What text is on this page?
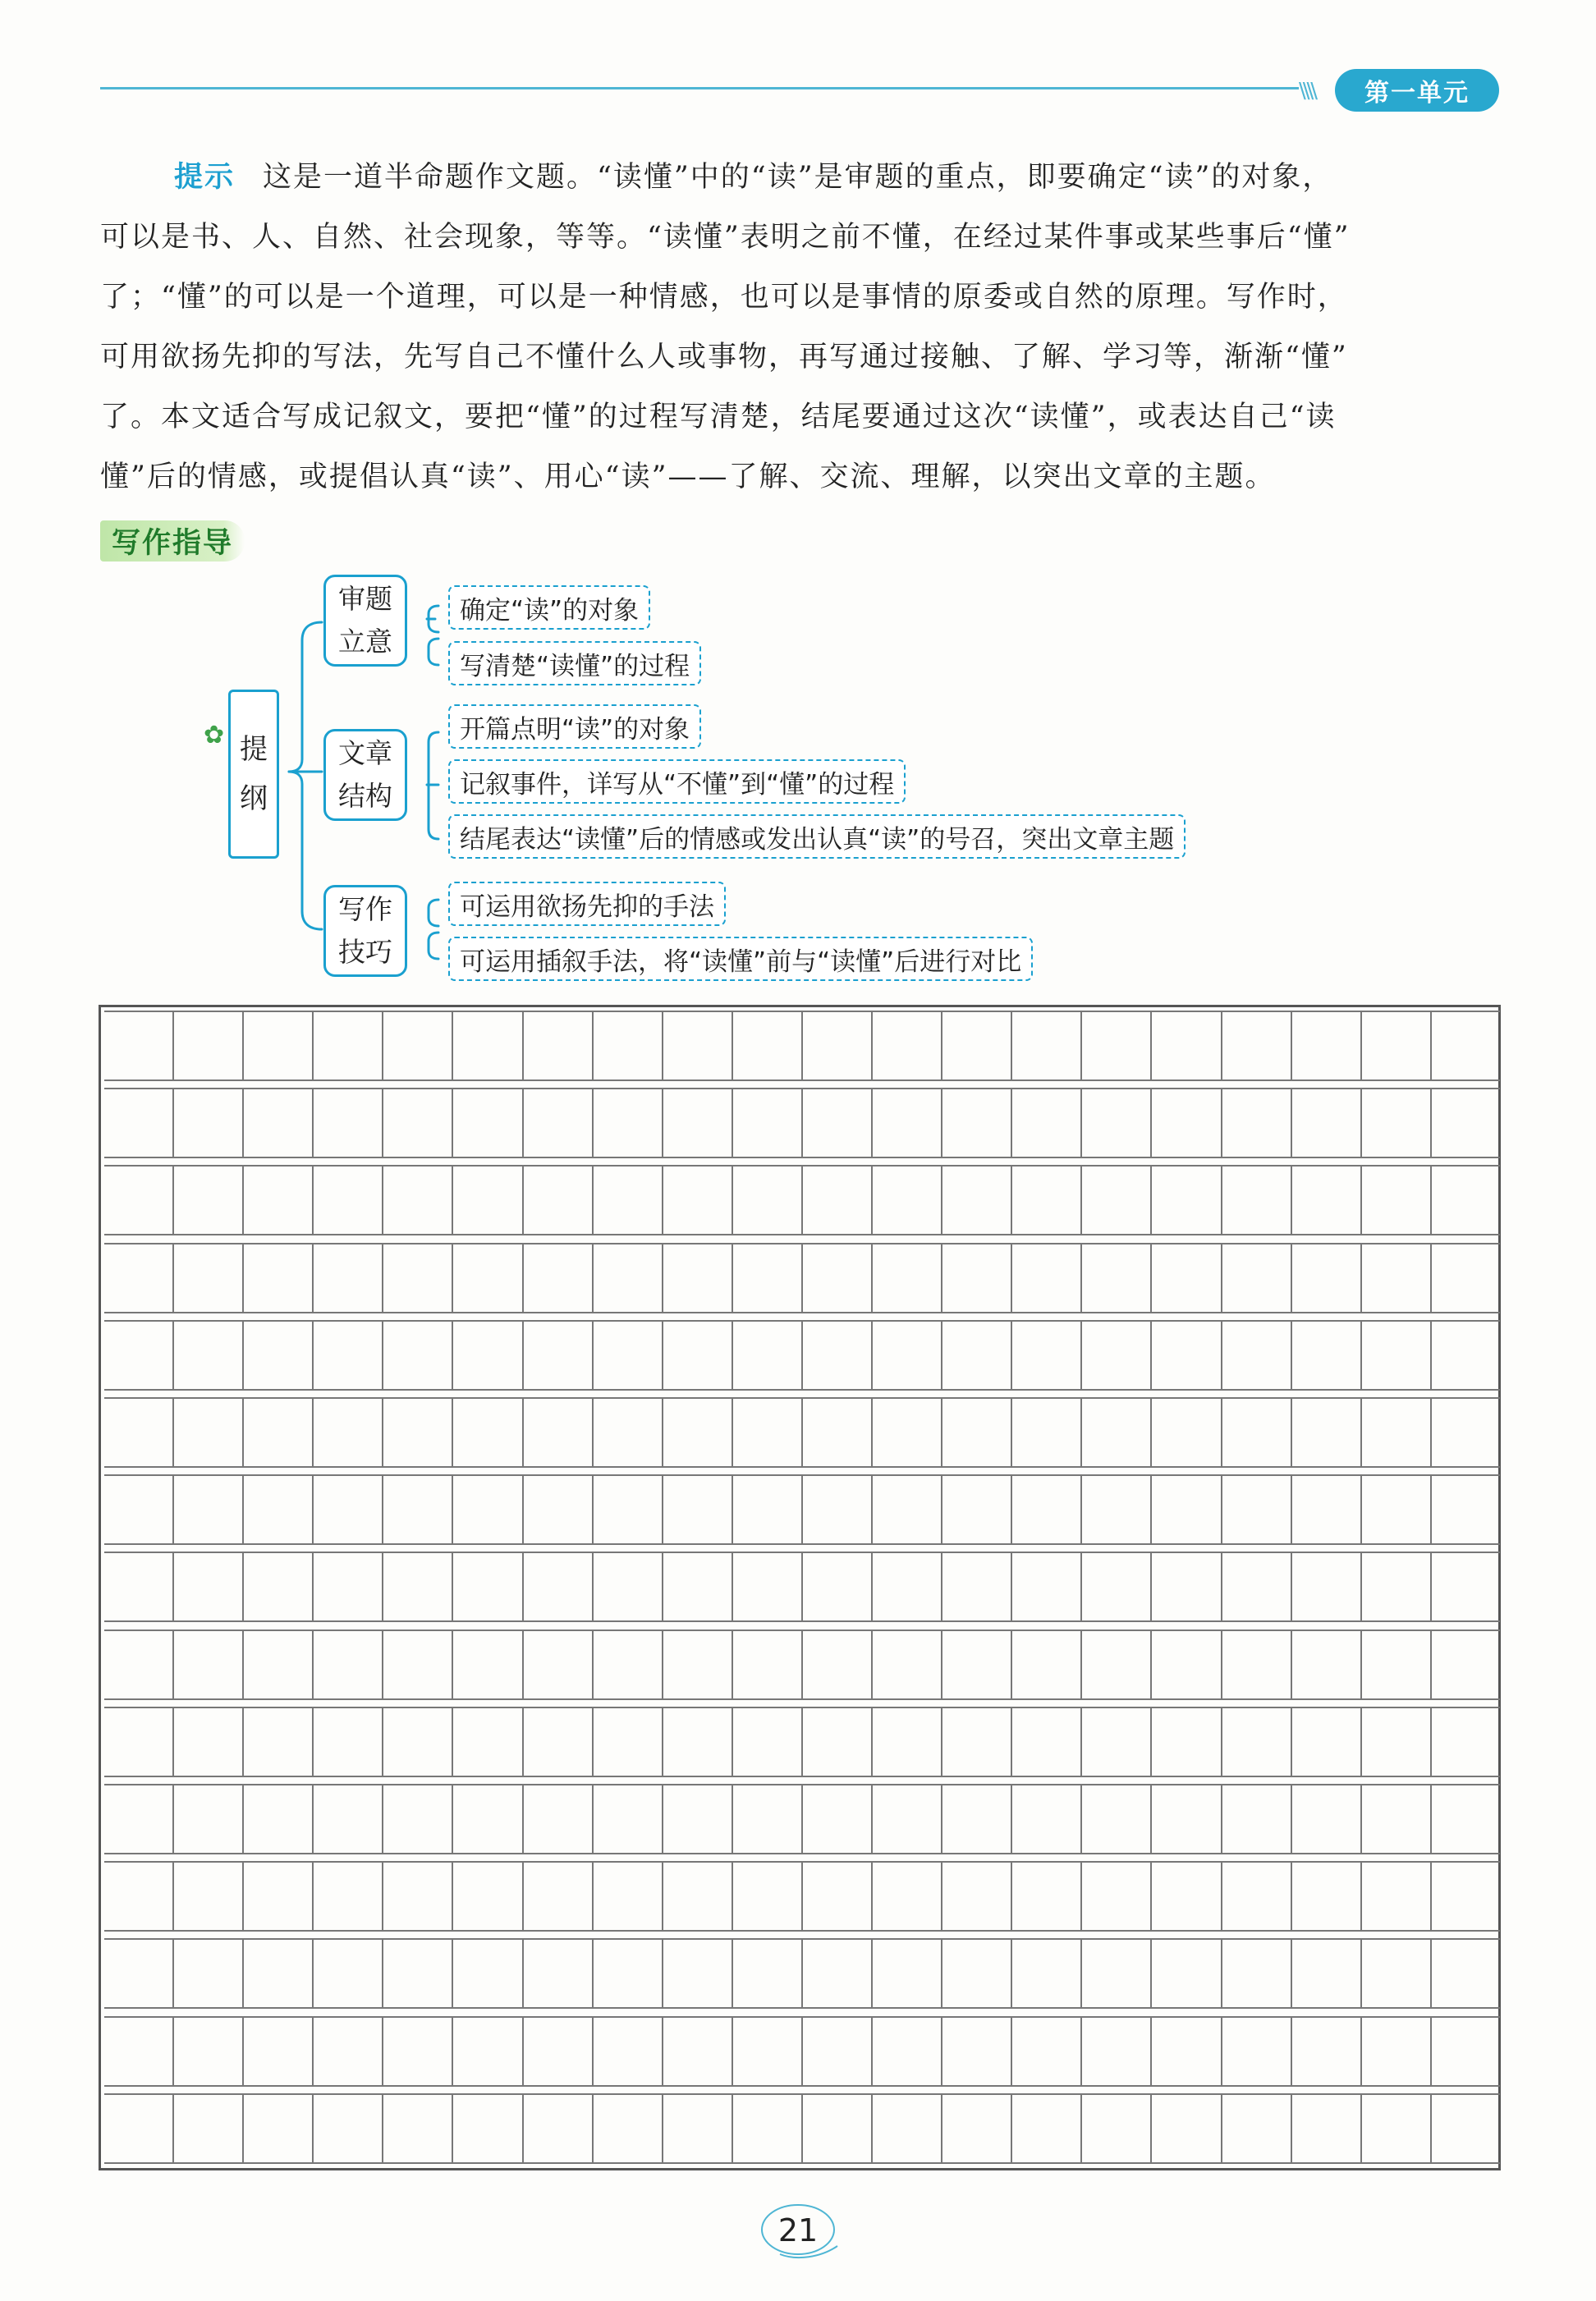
\\\\	第一单元
提示 这是一道半命题作文题。“读懂”中的“读”是审题的重点，即要确定“读”的对象，
可以是书、人、自然、社会现象，等等。“读懂”表明之前不懂，在经过某件事或某些事后“懂”
了；“懂”的可以是一个道理，可以是一种情感，也可以是事情的原委或自然的原理。写作时，
可用欲扬先抑的写法，先写自己不懂什么人或事物，再写通过接触、了解、学习等，渐渐“懂”
了。本文适合写成记叙文，要把“懂”的过程写清楚，结尾要通过这次“读懂”，或表达自己“读
懂”后的情感，或提倡认真“读”、用心“读”——了解、交流、理解，以突出文章的主题。
写作指导
✿ 提
纲
审题
立意
确定“读”的对象
写清楚“读懂”的过程
文章
结构
开篇点明“读”的对象
记叙事件，详写从“不懂”到“懂”的过程
结尾表达“读懂”后的情感或发出认真“读”的号召，突出文章主题
写作
技巧
可运用欲扬先抑的手法
可运用插叙手法，将“读懂”前与“读懂”后进行对比
21
